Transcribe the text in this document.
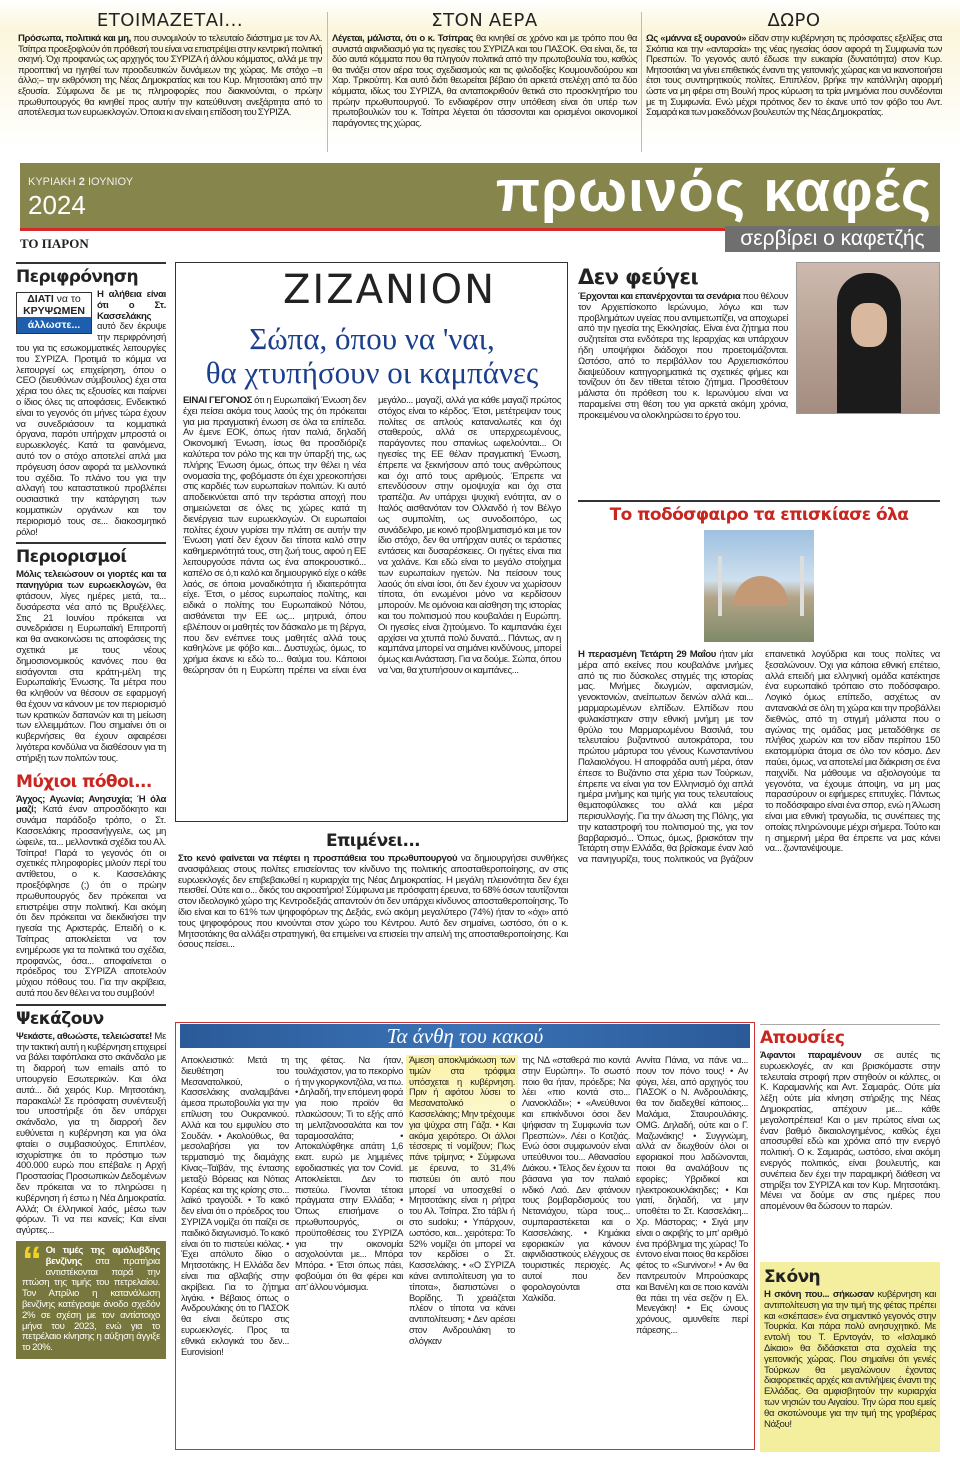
ΕΤΟΙΜΑΖΕΤΑΙ...
Πρόσωπα, πολιτικά και μη, που συνομιλούν το τελευταίο διάστημα με τον Αλ. Τσίπρα προεξοφλούν ότι πρόθεσή του είναι να επιστρέψει στην κεντρική πολιτική σκηνή. Όχι προφανώς ως αρχηγός του ΣΥΡΙΖΑ ή άλλου κόμματος, αλλά με την προοπτική να ηγηθεί των προοδευτικών δυνάμεων της χώρας. Με στόχο –τι άλλο;– την εκθρόνιση της Νέας Δημοκρατίας και του Κυρ. Μητσοτάκη από την εξουσία. Σύμφωνα δε με τις πληροφορίες που διακινούνται, ο πρώην πρωθυπουργός θα κινηθεί προς αυτήν την κατεύθυνση ανεξάρτητα από το αποτέλεσμα των ευρωεκλογών. Όποια κι αν είναι η επίδοση του ΣΥΡΙΖΑ.
ΣΤΟΝ ΑΕΡΑ
Λέγεται, μάλιστα, ότι ο κ. Τσίπρας θα κινηθεί σε χρόνο και με τρόπο που θα συνιστά αιφνιδιασμό για τις ηγεσίες του ΣΥΡΙΖΑ και του ΠΑΣΟΚ. Θα είναι, δε, τα δύο αυτά κόμματα που θα πληγούν πολιτικά από την πρωτοβουλία του, καθώς θα τινάξει στον αέρα τους σχεδιασμούς και τις φιλοδοξίες Κουμουνδούρου και Χαρ. Τρικούπη. Και αυτό διότι θεωρείται βέβαιο ότι αρκετά στελέχη από τα δύο κόμματα, ιδίως του ΣΥΡΙΖΑ, θα ανταποκριθούν θετικά στο προσκλητήριο του πρώην πρωθυπουργού. Το ενδιαφέρον στην υπόθεση είναι ότι υπέρ των πρωτοβουλιών του κ. Τσίπρα λέγεται ότι τάσσονται και ορισμένοι οικονομικοί παράγοντες της χώρας.
ΔΩΡΟ
Ως «μάννα εξ ουρανού» είδαν στην κυβέρνηση τις πρόσφατες εξελίξεις στα Σκόπια και την «ανταρσία» της νέας ηγεσίας όσον αφορά τη Συμφωνία των Πρεσπών. Το γεγονός αυτό έδωσε την ευκαιρία (δυνατότητα) στον Κυρ. Μητσοτάκη να γίνει επιθετικός έναντι της γειτονικής χώρας και να ικανοποιήσει έτσι τους συντηρητικούς πολίτες. Επιπλέον, βρήκε την κατάλληλη αφορμή ώστε να μη φέρει στη Βουλή προς κύρωση τα τρία μνημόνια που συνδέονται με τη Συμφωνία. Ενώ μέχρι πρότινος δεν το έκανε υπό τον φόβο του Αντ. Σαμαρά και των μακεδόνων βουλευτών της Νέας Δημοκρατίας.
ΚΥΡΙΑΚΗ 2 ΙΟΥΝΙΟΥ
2024	πρωινός καφές
ΤΟ ΠΑΡΟΝ	σερβίρει ο καφετζής
Περιφρόνηση
ΔΙΑΤΙ να το
ΚΡΥΨΩΜΕΝ
άλλωστε...
Η αλήθεια είναι ότι ο Στ. Κασσελάκης αυτό δεν έκρυψε την περιφρόνησή του για τις εσωκομματικές λειτουργίες του ΣΥΡΙΖΑ. Προτιμά το κόμμα να λειτουργεί ως επιχείρηση, όπου ο CEO (διευθύνων σύμβουλος) έχει στα χέρια του όλες τις εξουσίες και παίρνει ο ίδιος όλες τις αποφάσεις. Ενδεικτικό είναι το γεγονός ότι μήνες τώρα έχουν να συνεδριάσουν τα κομματικά όργανα, παρότι υπήρχαν μπροστά οι ευρωεκλογές. Κατά τα φαινόμενα, αυτό τον ο στόχο αποτελεί απλά μια πρόγευση όσον αφορά τα μελλοντικά του σχέδια. Το πλάνο του για την αλλαγή του καταστατικού προβλέπει ουσιαστικά την κατάργηση των κομματικών οργάνων και τον περιορισμό τους σε... διακοσμητικό ρόλο!
Περιορισμοί
Μόλις τελειώσουν οι γιορτές και τα πανηγύρια των ευρωεκλογών, θα φτάσουν, λίγες ημέρες μετά, τα... δυσάρεστα νέα από τις Βρυξέλλες. Στις 21 Ιουνίου πρόκειται να συνεδριάσει η Ευρωπαϊκή Επιτροπή και θα ανακοινώσει τις αποφάσεις της σχετικά με τους νέους δημοσιονομικούς κανόνες που θα εισάγονται στα κράτη-μέλη της Ευρωπαϊκής Ένωσης. Τα μέτρα που θα κληθούν να θέσουν σε εφαρμογή θα έχουν να κάνουν με τον περιορισμό των κρατικών δαπανών και τη μείωση των ελλειμμάτων. Που σημαίνει ότι οι κυβερνήσεις θα έχουν αφαιρέσει λιγότερα κονδύλια να διαθέσουν για τη στήριξη των πολιτών τους.
Μύχιοι πόθοι...
Άγχος; Αγωνία; Ανησυχία; Ή όλα μαζί; Κατά έναν απροσδόκητο και συνάμα παράδοξο τρόπο, ο Στ. Κασσελάκης προσανήγγειλε, ως μη ώφειλε, τα... μελλοντικά σχέδια του Αλ. Τσίπρα! Παρά το γεγονός ότι οι σχετικές πληροφορίες μιλούν περί του αντίθετου, ο κ. Κασσελάκης προεξόφλησε (;) ότι ο πρώην πρωθυπουργός δεν πρόκειται να επιστρέψει στην πολιτική. Και ακόμη ότι δεν πρόκειται να διεκδικήσει την ηγεσία της Αριστεράς. Επειδή ο κ. Τσίπρας αποκλείεται να τον ενημέρωσε για τα πολιτικά του σχέδια, προφανώς, όσα... αποφαίνεται ο πρόεδρος του ΣΥΡΙΖΑ αποτελούν μύχιου πόθους του. Για την ακρίβεια, αυτά που δεν θέλει να του συμβούν!
Ψεκάζουν
Ψεκάστε, αθωώστε, τελειώσατε! Με την τακτική αυτή η κυβέρνηση επιχειρεί να βάλει ταφόπλακα στο σκάνδαλο με τη διαρροή των emails από το υπουργείο Εσωτερικών. Και όλα αυτά... διά χειρός Κυρ. Μητσοτάκη, παρακαλώ! Σε πρόσφατη συνέντευξή του υποστήριξε ότι δεν υπάρχει σκάνδαλο, για τη διαρροή δεν ευθύνεται η κυβέρνηση και για όλα φταίει ο συμβασιούχος. Επιπλέον, ισχυρίστηκε ότι το πρόστιμο των 400.000 ευρώ που επέβαλε η Αρχή Προστασίας Προσωπικών Δεδομένων δεν πρόκειται να το πληρώσει η κυβέρνηση ή έστω η Νέα Δημοκρατία. Αλλά; Οι έλληνικοί λαός, μέσω των φόρων. Τι να πει κανείς; Και είναι αγύρτες...
“ Οι τιμές της αμόλυβδης βενζίνης στα πρατήρια αντιστέκονται παρά την πτώση της τιμής του πετρελαίου. Τον Απρίλιο η κατανάλωση βενζίνης κατέγραψε άνοδο σχεδόν 2% σε σχέση με τον αντίστοιχο μήνα του 2023, ενώ για το πετρέλαιο κίνησης η αύξηση άγγιξε το 20%.
ΖΙΖΑΝΙΟΝ
Σώπα, όπου να 'ναι,
θα χτυπήσουν οι καμπάνες
ΕΙΝΑΙ ΓΕΓΟΝΟΣ ότι η Ευρωπαϊκή Ένωση δεν έχει πείσει ακόμα τους λαούς της ότι πρόκειται για μια πραγματική ένωση σε όλα τα επίπεδα. Αν έμενε ΕΟΚ, όπως ήταν παλιά, δηλαδή Οικονομική Ένωση, ίσως θα προσδιόριζε καλύτερα τον ρόλο της και την ύπαρξή της, ως πλήρης Ένωση όμως, όπως την θέλει η νέα ονομασία της, φοβόμαστε ότι έχει χρεοκοπήσει στις καρδιές των ευρωπαίων πολιτών. Κι αυτό αποδεικνύεται από την τεράστια αποχή που σημειώνεται σε όλες τις χώρες κατά τη διενέργεια των ευρωεκλογών. Οι ευρωπαίοι πολίτες έχουν γυρίσει την πλάτη σε αυτήν την Ένωση γιατί δεν έχουν δει τίποτα καλό στην καθημερινότητά τους, στη ζωή τους, αφού η ΕΕ λειτουργούσε πάντα ως ένα αποκρουστικό... καπέλο σε ό,τι καλό και δημιουργικό είχε ο κάθε λαός, σε όποια μοναδικότητα ή ιδιαιτερότητα είχε. Έτσι, ο μέσος ευρωπαίος πολίτης, και ειδικά ο πολίτης του Ευρωπαϊκού Νότου, αισθάνεται την ΕΕ ως... μητρυιά, όπου εβλέπουν οι μαθητές τον δάσκαλο με τη βέργα, που δεν ενέπνεε τους μαθητές αλλά τους καθηλώνε με φόβο και... Δυστυχώς, όμως, το χρήμα έκανε κι εδώ το... θαύμα του. Κάποιοι θεώρησαν ότι η Ευρώπη πρέπει να είναι ένα μεγάλο... μαγαζί, αλλά για κάθε μαγαζί πρώτος στόχος είναι το κέρδος. Έτσι, μετέτρεψαν τους πολίτες σε απλούς καταναλωτές και όχι σταθερούς, αλλά σε υπερχρεωμένους, παράγοντες που σπανίως ωφελούνται... Οι ηγεσίες της ΕΕ θέλαν πραγματική Ένωση, έπρεπε να ξεκινήσουν από τους ανθρώπους και όχι από τους αριθμούς. Έπρεπε να επενδύσουν στην ομοψυχία και όχι στα τραπέζια. Αν υπάρχει ψυχική ενότητα, αν ο Ιταλός αισθανόταν τον Ολλανδό ή τον Βέλγο ως συμπολίτη, ως συνοδοιπόρο, ως συνάδελφο, με κοινό προβληματισμό και με τον ίδιο στόχο, δεν θα υπήρχαν αυτές οι τεράστιες εντάσεις και δυσαρέσκειες. Οι ηγέτες είναι πια να χαλάνε. Και εδώ είναι το μεγάλο στοίχημα των ευρωπαίων ηγετών. Να πείσουν τους λαούς ότι είναι ίσοι, ότι δεν έχουν να χωρίσουν τίποτα, ότι ενωμένοι μόνο να κερδίσουν μπορούν. Με ομόνοια και αίσθηση της ιστορίας και του πολιτισμού που κουβαλάει η Ευρώπη. Οι ηγεσίες είναι ζητούμενο. Το καμπανάκι έχει αρχίσει να χτυπά πολύ δυνατά... Πάντως, αν η καμπάνα μπορεί να σημάνει κινδύνους, μπορεί όμως και Ανάσταση. Για να δούμε. Σώπα, όπου να 'ναι, θα χτυπήσουν οι καμπάνες...
Επιμένει...
Στο κενό φαίνεται να πέφτει η προσπάθεια του πρωθυπουργού να δημιουργήσει συνθήκες ανασφάλειας στους πολίτες επισείοντας τον κίνδυνο της πολιτικής αποσταθεροποίησης, αν στις ευρωεκλογές δεν επιβεβαιωθεί η κυριαρχία της Νέας Δημοκρατίας. Η μεγάλη πλειονότητα δεν έχει πεισθεί. Ούτε και ο... δικός του ακροατήριο! Σύμφωνα με πρόσφατη έρευνα, το 68% όσων ταυτίζονται στον ιδεολογικό χώρο της Κεντροδεξιάς απαντούν ότι δεν υπάρχει κίνδυνος αποσταθεροποίησης. Το ίδιο είναι και το 61% των ψηφοφόρων της Δεξιάς, ενώ ακόμη μεγαλύτερο (74%) ήταν το «όχι» από τους ψηφοφόρους που κινούνται στον χώρο του Κέντρου. Αυτό δεν σημαίνει, ωστόσο, ότι ο κ. Μητσοτάκης θα αλλάξει στρατηγική, θα επιμείνει να επισείει την απειλή της αποσταθεροποίησης. Και όσους πείσει...
Δεν φεύγει
Έρχονται και επανέρχονται τα σενάρια που θέλουν τον Αρχιεπίσκοπο Ιερώνυμο, λόγω και των προβλημάτων υγείας που αντιμετωπίζει, να αποχωρεί από την ηγεσία της Εκκλησίας. Είναι ένα ζήτημα που συζητείται στα ενδότερα της Ιεραρχίας και υπάρχουν ήδη υποψήφιοι διάδοχοι που προετοιμάζονται. Ωστόσο, από το περιβάλλον του Αρχιεπισκόπου διαψεύδουν κατηγορηματικά τις σχετικές φήμες και τονίζουν ότι δεν τίθεται τέτοιο ζήτημα. Προσθέτουν μάλιστα ότι πρόθεση του κ. Ιερωνύμου είναι να παραμείνει στη θέση του για αρκετά ακόμη χρόνια, προκειμένου να ολοκληρώσει το έργο του.
Το ποδόσφαιρο τα επισκίασε όλα
Η περασμένη Τετάρτη 29 Μαΐου ήταν μία μέρα από εκείνες που κουβαλάνε μνήμες από τις πιο δύσκολες στιγμές της ιστορίας μας. Μνήμες διωγμών, αφανισμών, γενοκτονιών, ανείπωτων δεινών αλλά και... μαρμαρωμένων ελπίδων. Ελπίδων που φυλακίστηκαν στην εθνική μνήμη με τον θρύλο του Μαρμαρωμένου Βασιλιά, του τελευταίου βυζαντινού αυτοκράτορα, του πρώτου μάρτυρα του γένους Κωνσταντίνου Παλαιολόγου. Η αποφράδα αυτή μέρα, όταν έπεσε το Βυζάντιο στα χέρια των Τούρκων, έπρεπε να είναι για τον Ελληνισμό όχι απλά ημέρα μνήμης και τιμής για τους τελευταίους θεματοφύλακες του αλλά και μέρα περισυλλογής. Για την άλωση της Πόλης, για την καταστροφή του πολιτισμού της, για τον βαρβαρισμό... Όπως, όμως, βρισκόταν την Τετάρτη στην Ελλάδα, θα βρίσκαμε έναν λαό να πανηγυρίζει, τους πολιτικούς να βγάζουν επαινετικά λογύδρια και τους πολίτες να ξεσαλώνουν. Όχι για κάποια εθνική επέτειο, αλλά επειδή μια ελληνική ομάδα κατέκτησε ένα ευρωπαϊκό τρόπαιο στο ποδόσφαιρο. Λογικό όμως επίπεδο, ασχέτως αν αντανακλά σε όλη τη χώρα και την προβάλλει διεθνώς, από τη στιγμή μάλιστα που ο αγώνας της ομάδας μας μεταδόθηκε σε πλήθος χωρών και τον είδαν περίπου 150 εκατομμύρια άτομα σε όλο τον κόσμο. Δεν παύει, όμως, να αποτελεί μια διάκριση σε ένα παιχνίδι. Να μάθουμε να αξιολογούμε τα γεγονότα, να έχουμε άποψη, να μη μας παρασύρουν οι εφήμερες επιτυχίες. Πάντως το ποδόσφαιρο είναι ένα σπορ, ενώ η Άλωση είναι μια εθνική τραγωδία, τις συνέπειες της οποίας πληρώνουμε μέχρι σήμερα. Τούτο και η σημερινή μέρα θα έπρεπε να μας κάνει να... ζωντανέψουμε.
Τα άνθη του κακού
Αποκλειστικό: Μετά τη διευθέτηση του Μεσανατολικού, ο Κασσελάκης αναλαμβάνει άμεσα πρωτοβουλία για την επίλυση του Ουκρανικού. Αλλά και του εμφυλίου στο Σουδάν. • Ακολούθως, θα μεσολαβήσει για τον τερματισμό της διαμάχης Κίνας–Ταϊβάν, της έντασης μεταξύ Βόρειας και Νότιας Κορέας και της κρίσης στο... λαϊκό τραγούδι. • Το κακό δεν είναι ότι ο πρόεδρος του ΣΥΡΙΖΑ νομίζει ότι παίζει σε παιδικό διαγωνισμό. Το κακό είναι ότι το πιστεύει κιόλας. • Έχει απόλυτο δίκιο ο Μητσοτάκης. Η Ελλάδα δεν είναι πια αβλαβής στην ακρίβεια. Για το ζήτημα λιγάκι. • Βέβαιος όπως ο Ανδρουλάκης ότι το ΠΑΣΟΚ θα είναι δεύτερο στις ευρωεκλογές. Προς τα εθνικά εκλογικά του δεν... Eurovision!
της φέτας. Να ήταν, τουλάχιστον, για το πεκορίνο ή την γκοργκοντζόλα, να πω. • Δηλαδή, την επόμενη φορά για ποιο προϊόν θα πλακώσουν; Τι το εξής από τη μελιτζανοσαλάτα και τον ταραμοσαλάτα; • Αποκαλύφθηκε απάτη 1,6 εκατ. ευρώ με λημμένες εφοδιαστικές για τον Covid. Αποκλείεται. Δεν το πιστεύω. Γίνονται τέτοια πράγματα στην Ελλάδα; • Όπως επισήμανε ο πρωθυπουργός, οι προϋποθέσεις του ΣΥΡΙΖΑ για την οικονομία ασχολούνται με... Μπόρα Μπόρα. • Έτσι όπως πάει, φοβούμαι ότι θα φέρει και απ' άλλου νόμισμα.
Άμεση αποκλιμάκωση των τιμών στα τρόφιμα υπόσχεται η κυβέρνηση. Πριν ή αφότου λύσει το Μεσανατολικό ο Κασσελάκης; Μην τρέχουμε για ψύχρα στη Γάζα. • Και ακόμα χειρότερο. Οι άλλοι τέσσερις τί νομίζουν; Πως πάνε τρίμηνα; • Σύμφωνα με έρευνα, το 31,4% πιστεύει ότι αυτό που μπορεί να υποσχεθεί ο Μητσοτάκης είναι η ρήτρα του Αλ. Τσίπρα. Στο τάβλι ή στο sudoku; • Υπάρχουν, ωστόσο, και... χειρότερα: Το 52% νομίζει ότι μπορεί να τον κερδίσει ο Στ. Κασσελάκης. • «Ο ΣΥΡΙΖΑ κάνει αντιπολίτευση για το τίποτα», διαπιστώνει ο Βορίδης. Τι χρειάζεται πλέον ο τίποτα να κάνει αντιπολίτευση; • Δεν αρέσει στον Ανδρουλάκη το σλόγκαν
της ΝΔ «σταθερά πιο κοντά στην Ευρώπη». Το σωστό ποιο θα ήταν, πρόεδρε; Να λέει «πιο κοντά στο... Λιανοκλάδι»; • «Ανεύθυνοι και επικίνδυνοι όσοι δεν ψήφισαν τη Συμφωνία των Πρεσπών». Λέει ο Κοτζιάς. Ενώ όσοι συμφωνούν είναι υπεύθυνοι του... Αθανασίου Διάκου. • Τέλος δεν έχουν τα βάσανα για τον παλαιό ινδικό Λαό. Δεν φτάνουν τους βομβαρδισμούς του Νετανιάχου, τώρα τους... συμπαραστέκεται και ο Κασσελάκης. • Κημάκια εφοριακών για κάνουν αιφνιδιαστικούς ελέγχους σε τουριστικές περιοχές. Ας αυτοί που δεν φορολογούνται στα Χαλκίδα.
Αννίτα Πάνια, να πάνε να... πουν τον πόνο τους! • Αν φύγει, λέει, από αρχηγός του ΠΑΣΟΚ ο Ν. Ανδρουλάκης, θα τον διαδεχθεί κάποιος... Μαλάμα, Σταυρουλάκης. OMG. Δηλαδή, ούτε και ο Γ. Μαζωνάκης! • Συγγνώμη, αλλά αν διωχθούν όλοι οι εφοριακοί που λαδώνονται, ποιοι θα αναλάβουν τις εφορίες; Υβριδικοί και ηλεκτροκουκλάκηδες; • Και γιατί, δηλαδή, να μην υποθέτει το Στ. Κασσελάκη... Χρ. Μάστορας; • Σιγά μην είναι ο ακριβής το μπ' αριθμό ένα πρόβλημα της χώρας! Το έντονο είναι ποιος θα κερδίσει φέτος το «Survivor»! • Αν θα παντρευτούν Μπρούσκαρς και Βανέλη και σε ποιο κανάλι θα πάει τη νέα σεζόν η Ελ. Μενεγάκη! • Εις ώνους χρόνους, αμυνθείτε περί πάρεσης...
Απουσίες
Άφαντοι παραμένουν σε αυτές τις ευρωεκλογές, αν και βρισκόμαστε στην τελευταία στροφή πριν στηθούν οι κάλπες, οι Κ. Καραμανλής και Αντ. Σαμαράς. Ούτε μία λέξη ούτε μία κίνηση στήριξης της Νέας Δημοκρατίας, απέχουν με... κάθε μεγαλοπρέπεια! Και ο μεν πρώτος είναι ως έναν βαθμό δικαιολογημένος, καθώς έχει αποσυρθεί εδώ και χρόνια από την ενεργό πολιτική. Ο κ. Σαμαράς, ωστόσο, είναι ακόμη ενεργός πολιτικός, είναι βουλευτής, και συνέπεια δεν έχει την παραμικρή διάθεση να στηρίξει τον ΣΥΡΙΖΑ και τον Κυρ. Μητσοτάκη. Μένει να δούμε αν στις ημέρες που απομένουν θα δώσουν το παρών.
Σκόνη
Η σκόνη που... σήκωσαν κυβέρνηση και αντιπολίτευση για την τιμή της φέτας πρέπει και «σκέπασε» ένα σημαντικό γεγονός στην Τουρκία. Και πάρα πολύ ανησυχητικό. Με εντολή του Τ. Ερντογάν, το «Ισλαμικό Δίκαιο» θα διδάσκεται στα σχολεία της γειτονικής χώρας. Που σημαίνει ότι γενιές Τούρκων θα μεγαλώνουν έχοντας διαφορετικές αρχές και αντιλήψεις έναντι της Ελλάδας. Θα αμφισβητούν την κυριαρχία των νησιών του Αιγαίου. Την ώρα που εμείς θα σκοτώνουμε για την τιμή της γραβιέρας Νάξου!
